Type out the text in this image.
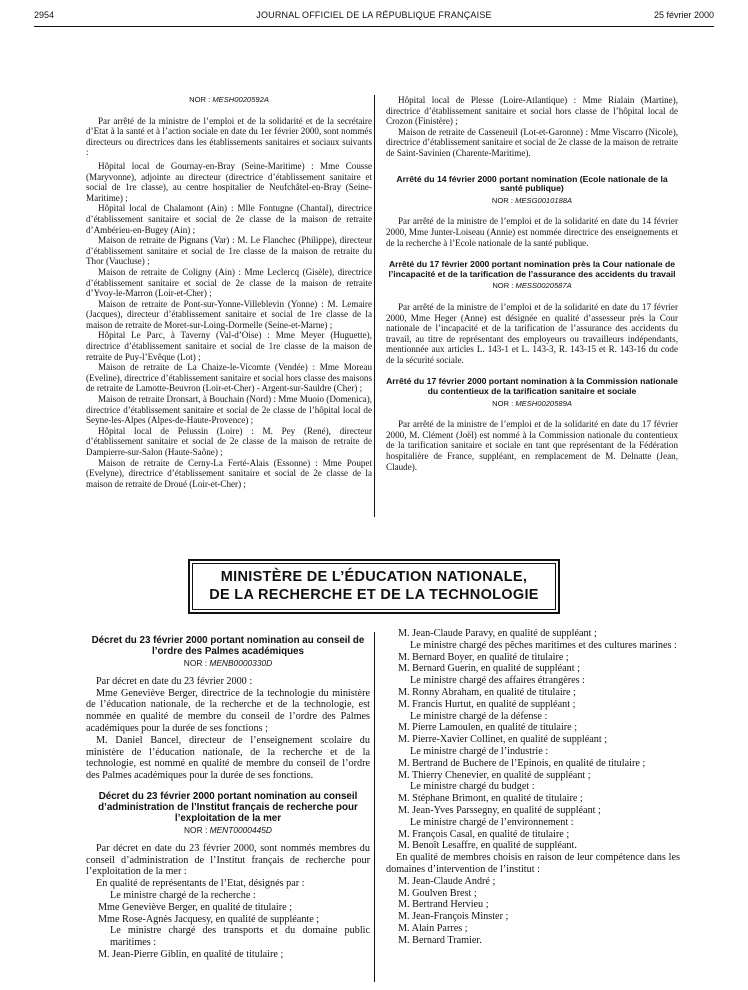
2954	JOURNAL OFFICIEL DE LA RÉPUBLIQUE FRANÇAISE	25 février 2000

NOR : MESH0020592A

Par arrêté de la ministre de l’emploi et de la solidarité et de la secrétaire d’Etat à la santé et à l’action sociale en date du 1er février 2000, sont nommés directeurs ou directrices dans les établissements sanitaires et sociaux suivants :

Hôpital local de Gournay-en-Bray (Seine-Maritime) : Mme Cousse (Maryvonne), adjointe au directeur (directrice d’établissement sanitaire et social de 1re classe), au centre hospitalier de Neufchâtel-en-Bray (Seine-Maritime) ;

Hôpital local de Chalamont (Ain) : Mlle Fontugne (Chantal), directrice d’établissement sanitaire et social de 2e classe de la maison de retraite d’Ambérieu-en-Bugey (Ain) ;

Maison de retraite de Pignans (Var) : M. Le Flanchec (Philippe), directeur d’établissement sanitaire et social de 1re classe de la maison de retraite du Thor (Vaucluse) ;

Maison de retraite de Coligny (Ain) : Mme Leclercq (Gisèle), directrice d’établissement sanitaire et social de 2e classe de la maison de retraite d’Yvoy-le-Marron (Loir-et-Cher) ;

Maison de retraite de Pont-sur-Yonne-Villeblevin (Yonne) : M. Lemaire (Jacques), directeur d’établissement sanitaire et social de 1re classe de la maison de retraite de Moret-sur-Loing-Dormelle (Seine-et-Marne) ;

Hôpital Le Parc, à Taverny (Val-d’Oise) : Mme Meyer (Huguette), directrice d’établissement sanitaire et social de 1re classe de la maison de retraite de Puy-l’Evêque (Lot) ;

Maison de retraite de La Chaize-le-Vicomte (Vendée) : Mme Moreau (Eveline), directrice d’établissement sanitaire et social hors classe des maisons de retraite de Lamotte-Beuvron (Loir-et-Cher) - Argent-sur-Sauldre (Cher) ;

Maison de retraite Dronsart, à Bouchain (Nord) : Mme Muoio (Domenica), directrice d’établissement sanitaire et social de 2e classe de l’hôpital local de Seyne-les-Alpes (Alpes-de-Haute-Provence) ;

Hôpital local de Pelussin (Loire) : M. Pey (René), directeur d’établissement sanitaire et social de 2e classe de la maison de retraite de Dampierre-sur-Salon (Haute-Saône) ;

Maison de retraite de Cerny-La Ferté-Alais (Essonne) : Mme Poupet (Evelyne), directrice d’établissement sanitaire et social de 2e classe de la maison de retraite de Droué (Loir-et-Cher) ;

Hôpital local de Plesse (Loire-Atlantique) : Mme Rialain (Martine), directrice d’établissement sanitaire et social hors classe de l’hôpital local de Crozon (Finistère) ;

Maison de retraite de Casseneuil (Lot-et-Garonne) : Mme Viscarro (Nicole), directrice d’établissement sanitaire et social de 2e classe de la maison de retraite de Saint-Savinien (Charente-Maritime).

Arrêté du 14 février 2000 portant nomination (Ecole nationale de la santé publique)

NOR : MESG0010188A

Par arrêté de la ministre de l’emploi et de la solidarité en date du 14 février 2000, Mme Junter-Loiseau (Annie) est nommée directrice des enseignements et de la recherche à l’Ecole nationale de la santé publique.

Arrêté du 17 février 2000 portant nomination près la Cour nationale de l’incapacité et de la tarification de l’assurance des accidents du travail

NOR : MESS0020587A

Par arrêté de la ministre de l’emploi et de la solidarité en date du 17 février 2000, Mme Heger (Anne) est désignée en qualité d’assesseur près la Cour nationale de l’incapacité et de la tarification de l’assurance des accidents du travail, au titre de représentant des employeurs ou travailleurs indépendants, mentionnée aux articles L. 143-1 et L. 143-3, R. 143-15 et R. 143-16 du code de la sécurité sociale.

Arrêté du 17 février 2000 portant nomination à la Commission nationale du contentieux de la tarification sanitaire et sociale

NOR : MESH0020589A

Par arrêté de la ministre de l’emploi et de la solidarité en date du 17 février 2000, M. Clément (Joël) est nommé à la Commission nationale du contentieux de la tarification sanitaire et sociale en tant que représentant de la Fédération hospitalière de France, suppléant, en remplacement de M. Delnatte (Jean, Claude).

MINISTÈRE DE L’ÉDUCATION NATIONALE,
DE LA RECHERCHE ET DE LA TECHNOLOGIE
Décret du 23 février 2000 portant nomination au conseil de l’ordre des Palmes académiques

NOR : MENB0000330D

Par décret en date du 23 février 2000 :

Mme Geneviève Berger, directrice de la technologie du ministère de l’éducation nationale, de la recherche et de la technologie, est nommée en qualité de membre du conseil de l’ordre des Palmes académiques pour la durée de ses fonctions ;

M. Daniel Bancel, directeur de l’enseignement scolaire du ministère de l’éducation nationale, de la recherche et de la technologie, est nommé en qualité de membre du conseil de l’ordre des Palmes académiques pour la durée de ses fonctions.

Décret du 23 février 2000 portant nomination au conseil d’administration de l’Institut français de recherche pour l’exploitation de la mer

NOR : MENT0000445D

Par décret en date du 23 février 2000, sont nommés membres du conseil d’administration de l’Institut français de recherche pour l’exploitation de la mer :

En qualité de représentants de l’Etat, désignés par :

Le ministre chargé de la recherche :

Mme Geneviève Berger, en qualité de titulaire ;

Mme Rose-Agnès Jacquesy, en qualité de suppléante ;

Le ministre chargé des transports et du domaine public maritimes :

M. Jean-Pierre Giblin, en qualité de titulaire ;

M. Jean-Claude Paravy, en qualité de suppléant ;

Le ministre chargé des pêches maritimes et des cultures marines :

M. Bernard Boyer, en qualité de titulaire ;

M. Bernard Guerin, en qualité de suppléant ;

Le ministre chargé des affaires étrangères :

M. Ronny Abraham, en qualité de titulaire ;

M. Francis Hurtut, en qualité de suppléant ;

Le ministre chargé de la défense :

M. Pierre Lamoulen, en qualité de titulaire ;

M. Pierre-Xavier Collinet, en qualité de suppléant ;

Le ministre chargé de l’industrie :

M. Bertrand de Buchere de l’Epinois, en qualité de titulaire ;

M. Thierry Chenevier, en qualité de suppléant ;

Le ministre chargé du budget :

M. Stéphane Brimont, en qualité de titulaire ;

M. Jean-Yves Parssegny, en qualité de suppléant ;

Le ministre chargé de l’environnement :

M. François Casal, en qualité de titulaire ;

M. Benoît Lesaffre, en qualité de suppléant.

En qualité de membres choisis en raison de leur compétence dans les domaines d’intervention de l’institut :

M. Jean-Claude André ;

M. Goulven Brest ;

M. Bertrand Hervieu ;

M. Jean-François Minster ;

M. Alain Parres ;

M. Bernard Tramier.
